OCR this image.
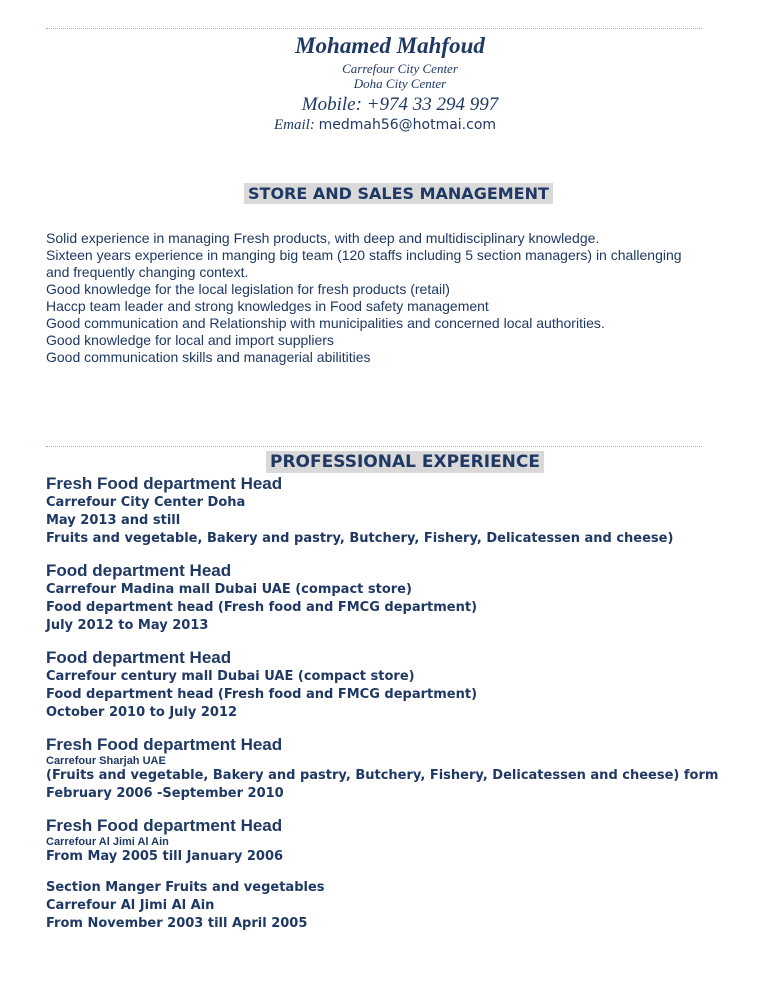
Mohamed Mahfoud
Carrefour City Center
Doha City Center
Mobile: +974 33 294 997
Email: medmah56@hotmai.com
STORE AND SALES MANAGEMENT
Solid experience in managing Fresh products, with deep and multidisciplinary knowledge.
Sixteen years experience in manging big team (120 staffs including 5 section managers) in challenging
and frequently changing context.
Good knowledge for the local legislation for fresh products (retail)
Haccp team leader and strong knowledges in Food safety management
Good communication and Relationship with municipalities and concerned local authorities.
Good knowledge for local and import suppliers
Good communication skills and managerial abilitities
PROFESSIONAL EXPERIENCE
Fresh Food department Head
Carrefour City Center Doha
May 2013 and still
Fruits and vegetable, Bakery and pastry, Butchery, Fishery, Delicatessen and cheese)
Food department Head
Carrefour Madina mall Dubai UAE (compact store)
Food department head (Fresh food and FMCG department)
July 2012 to May 2013
Food department Head
Carrefour century mall Dubai UAE (compact store)
Food department head (Fresh food and FMCG department)
October 2010 to July 2012
Fresh Food department Head
Carrefour Sharjah UAE
(Fruits and vegetable, Bakery and pastry, Butchery, Fishery, Delicatessen and cheese) form
February 2006 -September 2010
Fresh Food department Head
Carrefour Al Jimi Al Ain
From May 2005 till January 2006
Section Manger Fruits and vegetables
Carrefour Al Jimi Al Ain
From November 2003 till April 2005
